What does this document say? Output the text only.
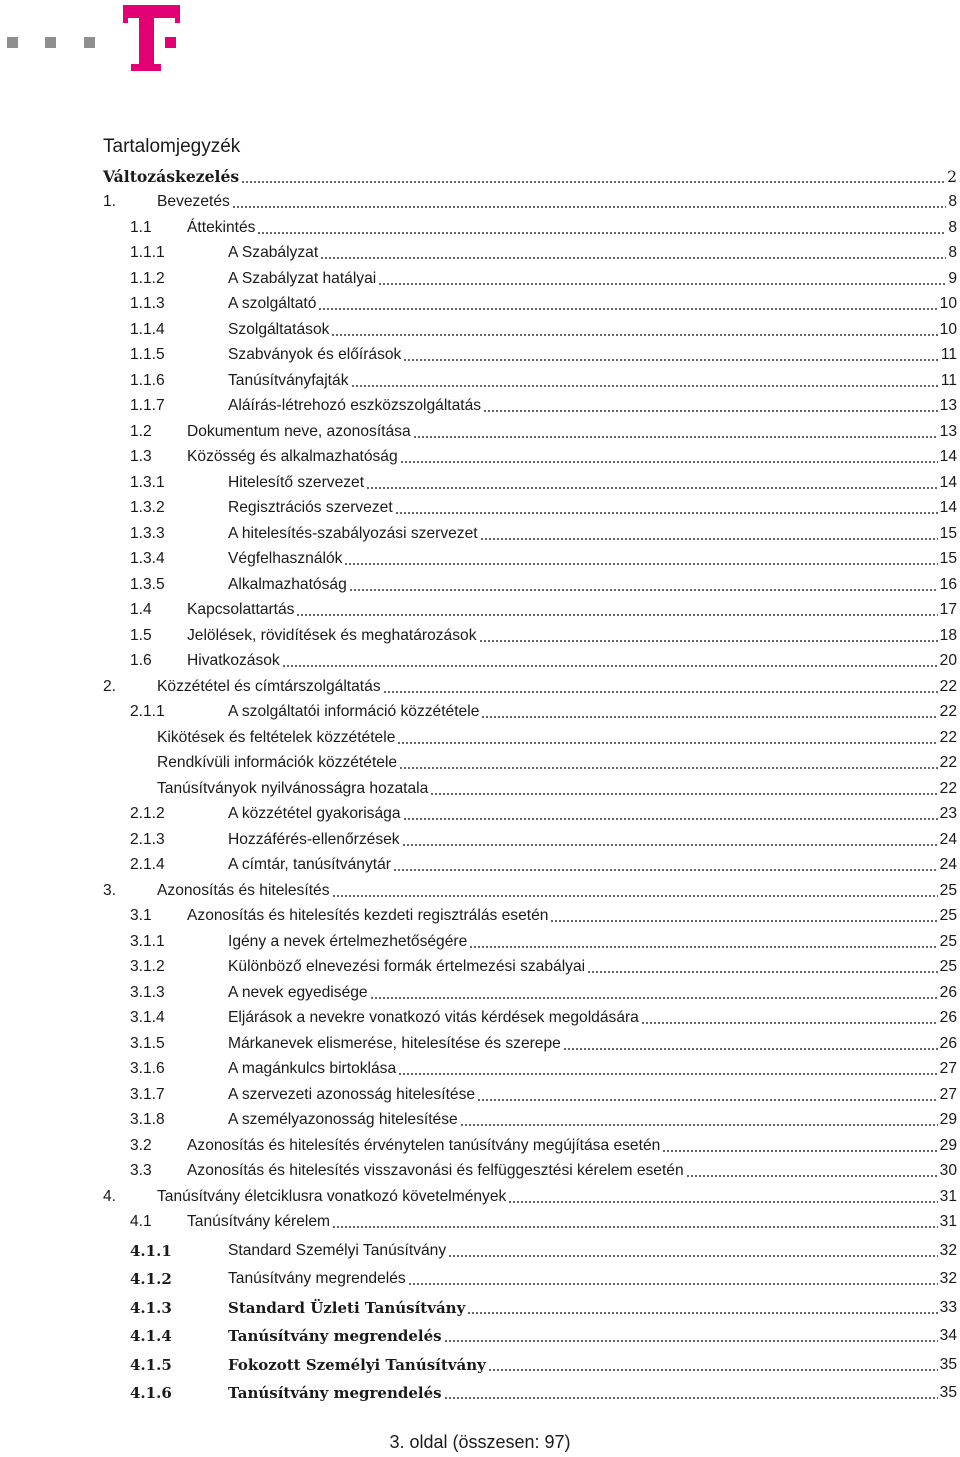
Tartalomjegyzék
Változáskezelés	2
1.	Bevezetés	8
1.1 Áttekintés	8
1.1.1	A Szabályzat	8
1.1.2	A Szabályzat hatályai	9
1.1.3	A szolgáltató	10
1.1.4	Szolgáltatások	10
1.1.5	Szabványok és előírások	11
1.1.6	Tanúsítványfajták	11
1.1.7	Aláírás-létrehozó eszközszolgáltatás	13
1.2 Dokumentum neve, azonosítása	13
1.3 Közösség és alkalmazhatóság	14
1.3.1	Hitelesítő szervezet	14
1.3.2	Regisztrációs szervezet	14
1.3.3	A hitelesítés-szabályozási szervezet	15
1.3.4	Végfelhasználók	15
1.3.5	Alkalmazhatóság	16
1.4 Kapcsolattartás	17
1.5 Jelölések, rövidítések és meghatározások	18
1.6 Hivatkozások	20
2.	Közzététel és címtárszolgáltatás	22
2.1.1	A szolgáltatói információ közzététele	22
Kikötések és feltételek közzététele	22
Rendkívüli információk közzététele	22
Tanúsítványok nyilvánosságra hozatala	22
2.1.2	A közzététel gyakorisága	23
2.1.3	Hozzáférés-ellenőrzések	24
2.1.4	A címtár, tanúsítványtár	24
3.	Azonosítás és hitelesítés	25
3.1 Azonosítás és hitelesítés kezdeti regisztrálás esetén	25
3.1.1	Igény a nevek értelmezhetőségére	25
3.1.2	Különböző elnevezési formák értelmezési szabályai	25
3.1.3	A nevek egyedisége	26
3.1.4	Eljárások a nevekre vonatkozó vitás kérdések megoldására	26
3.1.5	Márkanevek elismerése, hitelesítése és szerepe	26
3.1.6	A magánkulcs birtoklása	27
3.1.7	A szervezeti azonosság hitelesítése	27
3.1.8	A személyazonosság hitelesítése	29
3.2 Azonosítás és hitelesítés érvénytelen tanúsítvány megújítása esetén	29
3.3 Azonosítás és hitelesítés visszavonási és felfüggesztési kérelem esetén	30
4.	Tanúsítvány életciklusra vonatkozó követelmények	31
4.1 Tanúsítvány kérelem	31
4.1.1	Standard Személyi Tanúsítvány	32
4.1.2	Tanúsítvány megrendelés	32
4.1.3	Standard Üzleti Tanúsítvány	33
4.1.4	Tanúsítvány megrendelés	34
4.1.5	Fokozott Személyi Tanúsítvány	35
4.1.6	Tanúsítvány megrendelés	35
3. oldal (összesen: 97)
